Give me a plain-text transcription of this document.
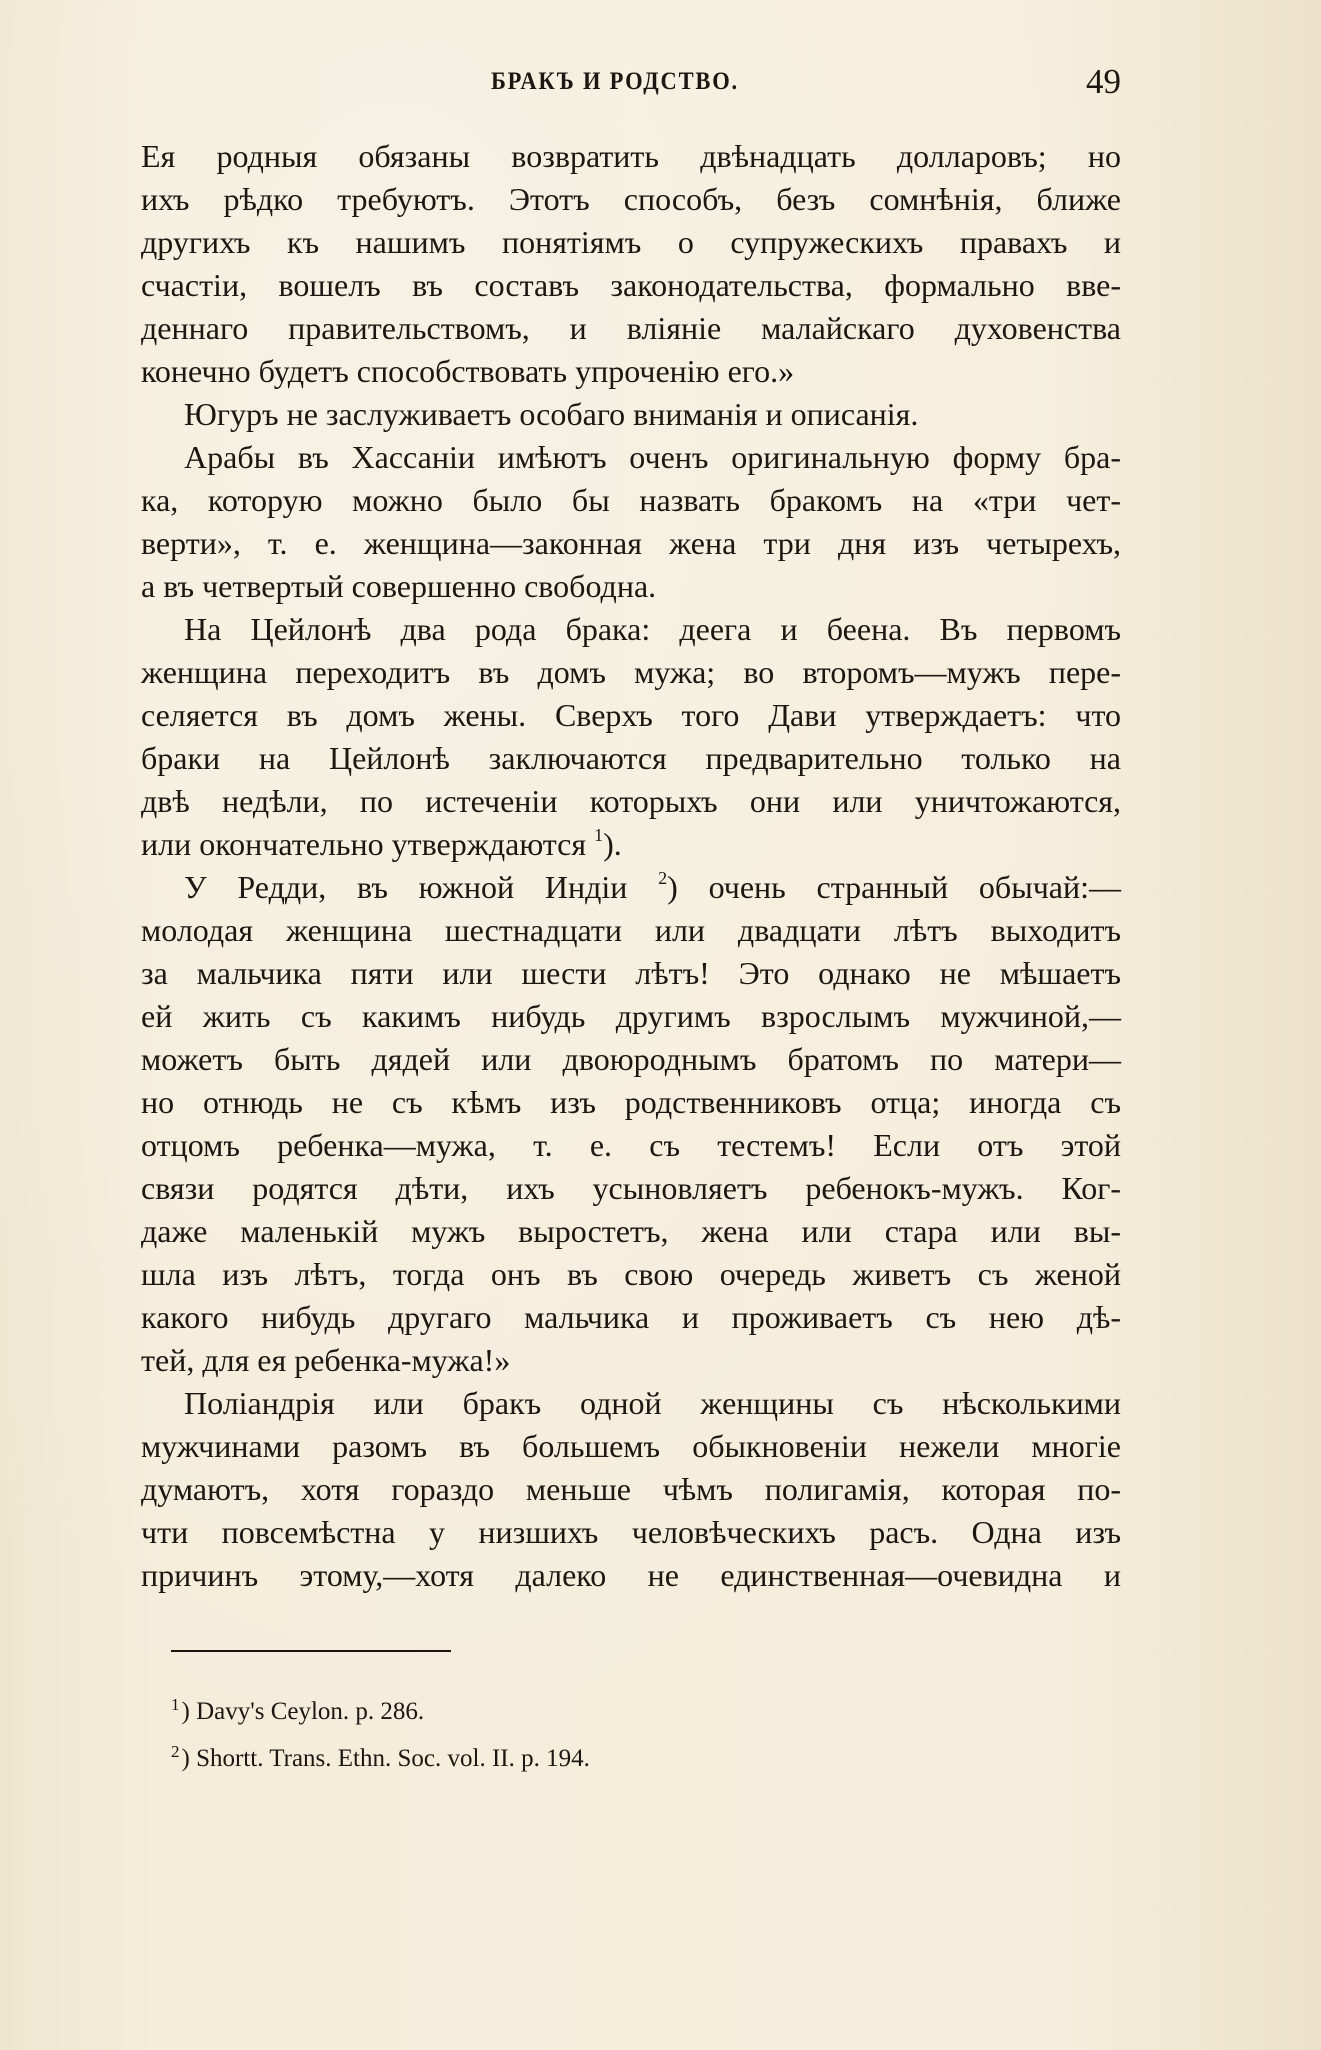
БРАКЪ И РОДСТВО.	49
Ея родныя обязаны возвратить двѣнадцать долларовъ; но
ихъ рѣдко требуютъ. Этотъ способъ, безъ сомнѣнія, ближе
другихъ къ нашимъ понятіямъ о супружескихъ правахъ и
счастіи, вошелъ въ составъ законодательства, формально вве-
деннаго правительствомъ, и вліяніе малайскаго духовенства
конечно будетъ способствовать упроченію его.»
Югуръ не заслуживаетъ особаго вниманія и описанія.
Арабы въ Хассаніи имѣютъ оченъ оригинальную форму бра-
ка, которую можно было бы назвать бракомъ на «три чет-
верти», т. е. женщина—законная жена три дня изъ четырехъ,
а въ четвертый совершенно свободна.
На Цейлонѣ два рода брака: деега и беена. Въ первомъ
женщина переходитъ въ домъ мужа; во второмъ—мужъ пере-
селяется въ домъ жены. Сверхъ того Дави утверждаетъ: что
браки на Цейлонѣ заключаются предварительно только на
двѣ недѣли, по истеченіи которыхъ они или уничтожаются,
или окончательно утверждаются $^1$).
У Редди, въ южной Индіи $^2$) очень странный обычай:—
молодая женщина шестнадцати или двадцати лѣтъ выходитъ
за мальчика пяти или шести лѣтъ! Это однако не мѣшаетъ
ей жить съ какимъ нибудь другимъ взрослымъ мужчиной,—
можетъ быть дядей или двоюроднымъ братомъ по матери—
но отнюдь не съ кѣмъ изъ родственниковъ отца; иногда съ
отцомъ ребенка—мужа, т. е. съ тестемъ! Если отъ этой
связи родятся дѣти, ихъ усыновляетъ ребенокъ-мужъ. Ког-
даже маленькій мужъ выростетъ, жена или стара или вы-
шла изъ лѣтъ, тогда онъ въ свою очередь живетъ съ женой
какого нибудь другаго мальчика и проживаетъ съ нею дѣ-
тей, для ея ребенка-мужа!»
Поліандрія или бракъ одной женщины съ нѣсколькими
мужчинами разомъ въ большемъ обыкновеніи нежели многіе
думаютъ, хотя гораздо меньше чѣмъ полигамія, которая по-
чти повсемѣстна у низшихъ человѣческихъ расъ. Одна изъ
причинъ этому,—хотя далеко не единственная—очевидна и
$^1$) Davy's Ceylon. p. 286.
$^2$) Shortt. Trans. Ethn. Soc. vol. II. p. 194.
